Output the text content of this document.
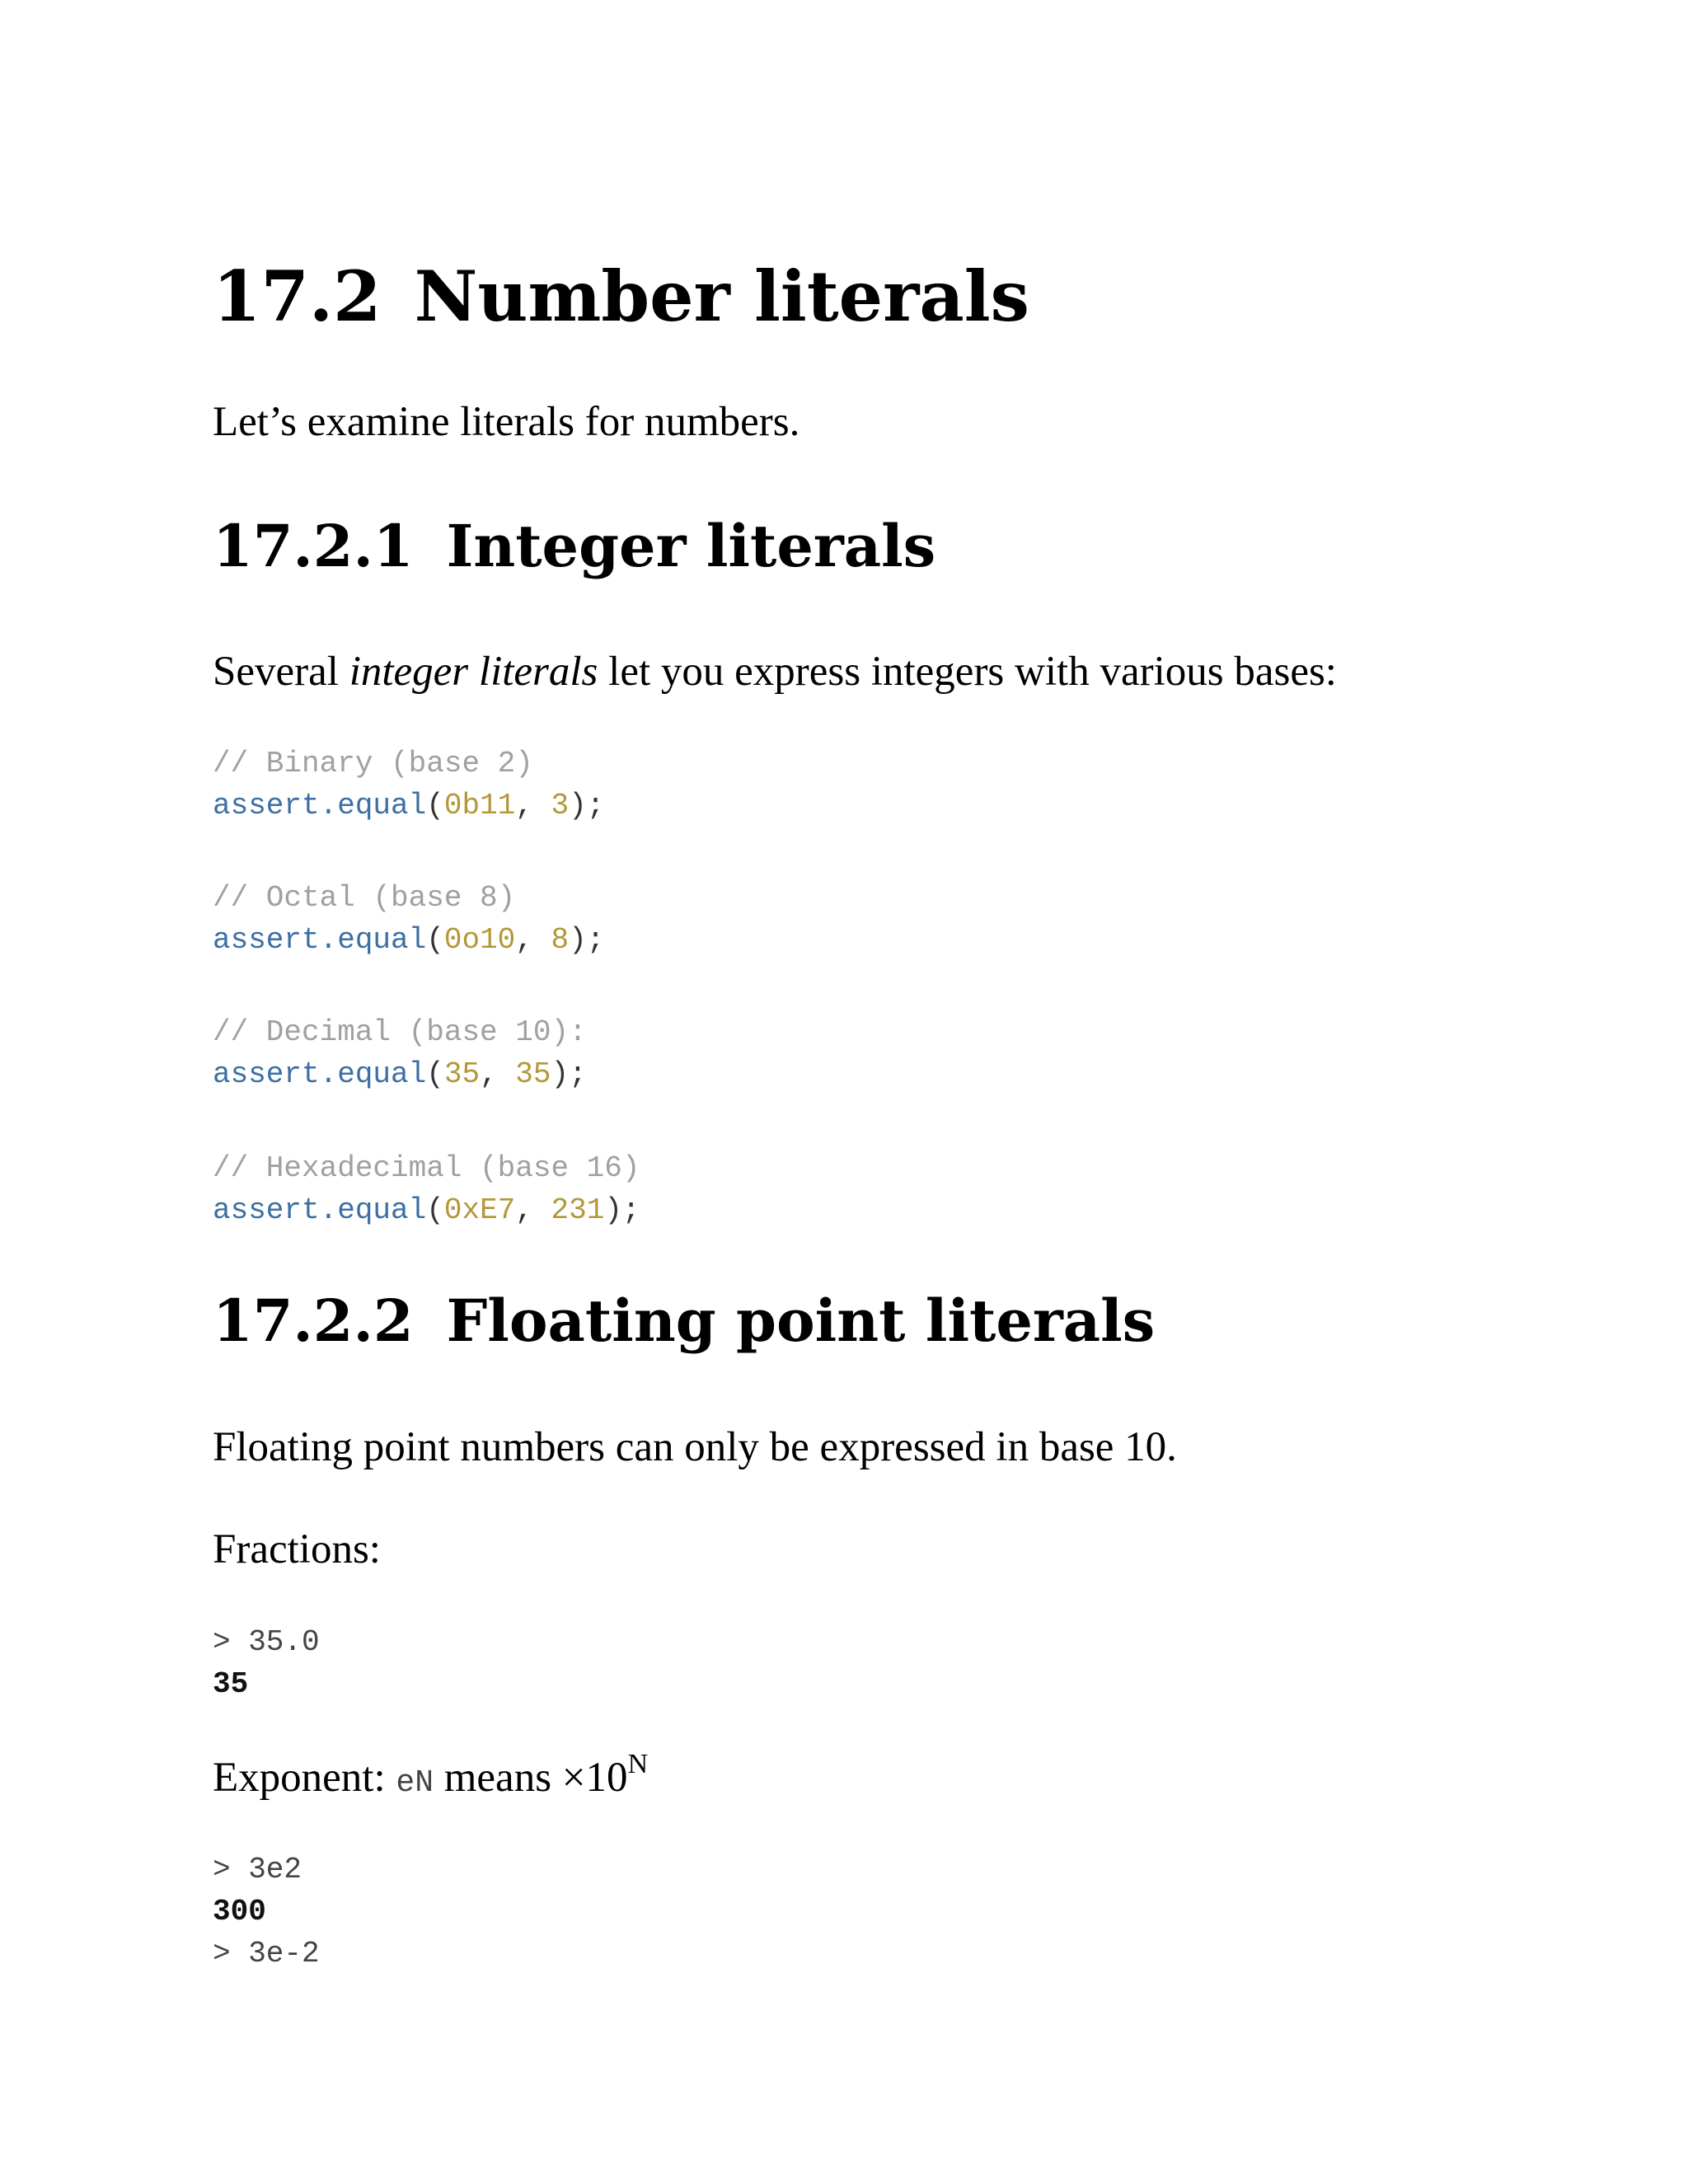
17.2 Number literals

Let’s examine literals for numbers.

17.2.1 Integer literals

Several integer literals let you express integers with various bases:

// Binary (base 2)
assert.equal(0b11, 3);
// Octal (base 8)
assert.equal(0o10, 8);
// Decimal (base 10):
assert.equal(35, 35);
// Hexadecimal (base 16)
assert.equal(0xE7, 231);
17.2.2 Floating point literals

Floating point numbers can only be expressed in base 10.

Fractions:

> 35.0
35

Exponent: eN means $\times 10^N$

> 3e2
300
> 3e-2
